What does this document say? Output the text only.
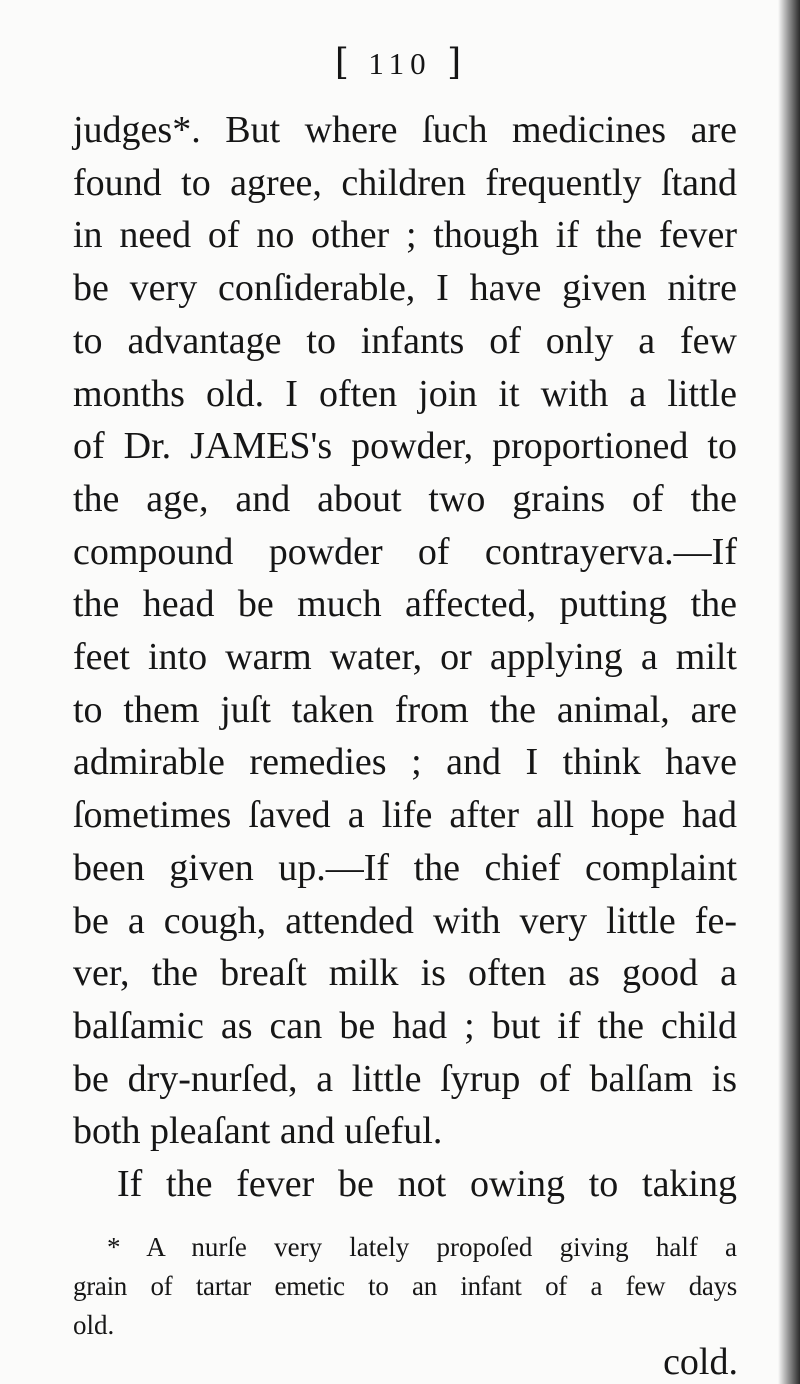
[ 110 ]
judges*. But where ſuch medicines are
found to agree, children frequently ſtand
in need of no other ; though if the fever
be very conſiderable, I have given nitre
to advantage to infants of only a few
months old. I often join it with a little
of Dr. JAMES's powder, proportioned to
the age, and about two grains of the
compound powder of contrayerva.—If
the head be much affected, putting the
feet into warm water, or applying a milt
to them juſt taken from the animal, are
admirable remedies ; and I think have
ſometimes ſaved a life after all hope had
been given up.—If the chief complaint
be a cough, attended with very little fe-
ver, the breaſt milk is often as good a
balſamic as can be had ; but if the child
be dry-nurſed, a little ſyrup of balſam is
both pleaſant and uſeful.
If the fever be not owing to taking
* A nurſe very lately propoſed giving half a
grain of tartar emetic to an infant of a few days
old.
cold.
